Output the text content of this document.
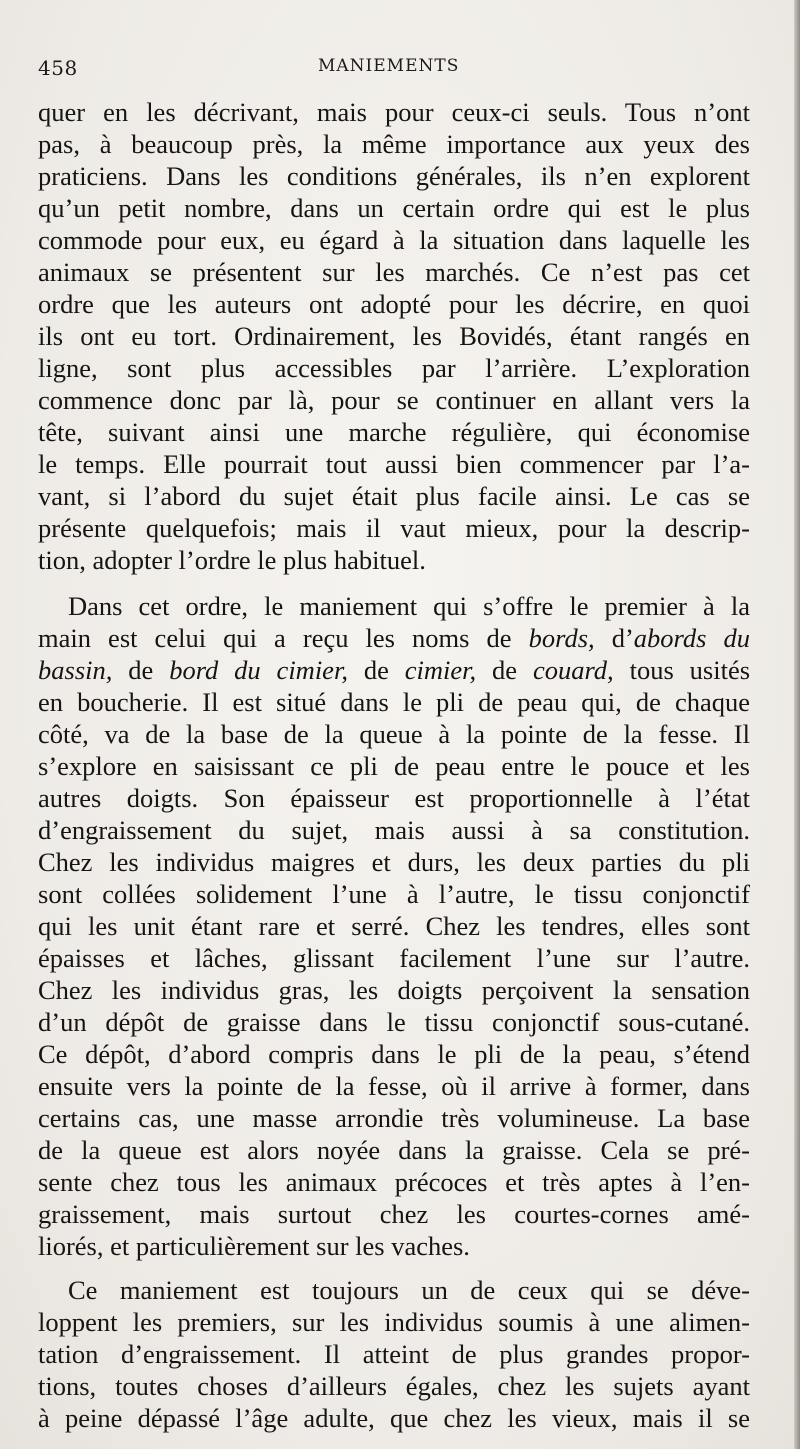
458	MANIEMENTS
quer en les décrivant, mais pour ceux-ci seuls. Tous n’ont
pas, à beaucoup près, la même importance aux yeux des
praticiens. Dans les conditions générales, ils n’en explorent
qu’un petit nombre, dans un certain ordre qui est le plus
commode pour eux, eu égard à la situation dans laquelle les
animaux se présentent sur les marchés. Ce n’est pas cet
ordre que les auteurs ont adopté pour les décrire, en quoi
ils ont eu tort. Ordinairement, les Bovidés, étant rangés en
ligne, sont plus accessibles par l’arrière. L’exploration
commence donc par là, pour se continuer en allant vers la
tête, suivant ainsi une marche régulière, qui économise
le temps. Elle pourrait tout aussi bien commencer par l’a-
vant, si l’abord du sujet était plus facile ainsi. Le cas se
présente quelquefois; mais il vaut mieux, pour la descrip-
tion, adopter l’ordre le plus habituel.
Dans cet ordre, le maniement qui s’offre le premier à la
main est celui qui a reçu les noms de bords, d’abords du
bassin, de bord du cimier, de cimier, de couard, tous usités
en boucherie. Il est situé dans le pli de peau qui, de chaque
côté, va de la base de la queue à la pointe de la fesse. Il
s’explore en saisissant ce pli de peau entre le pouce et les
autres doigts. Son épaisseur est proportionnelle à l’état
d’engraissement du sujet, mais aussi à sa constitution.
Chez les individus maigres et durs, les deux parties du pli
sont collées solidement l’une à l’autre, le tissu conjonctif
qui les unit étant rare et serré. Chez les tendres, elles sont
épaisses et lâches, glissant facilement l’une sur l’autre.
Chez les individus gras, les doigts perçoivent la sensation
d’un dépôt de graisse dans le tissu conjonctif sous-cutané.
Ce dépôt, d’abord compris dans le pli de la peau, s’étend
ensuite vers la pointe de la fesse, où il arrive à former, dans
certains cas, une masse arrondie très volumineuse. La base
de la queue est alors noyée dans la graisse. Cela se pré-
sente chez tous les animaux précoces et très aptes à l’en-
graissement, mais surtout chez les courtes-cornes amé-
liorés, et particulièrement sur les vaches.
Ce maniement est toujours un de ceux qui se déve-
loppent les premiers, sur les individus soumis à une alimen-
tation d’engraissement. Il atteint de plus grandes propor-
tions, toutes choses d’ailleurs égales, chez les sujets ayant
à peine dépassé l’âge adulte, que chez les vieux, mais il se
